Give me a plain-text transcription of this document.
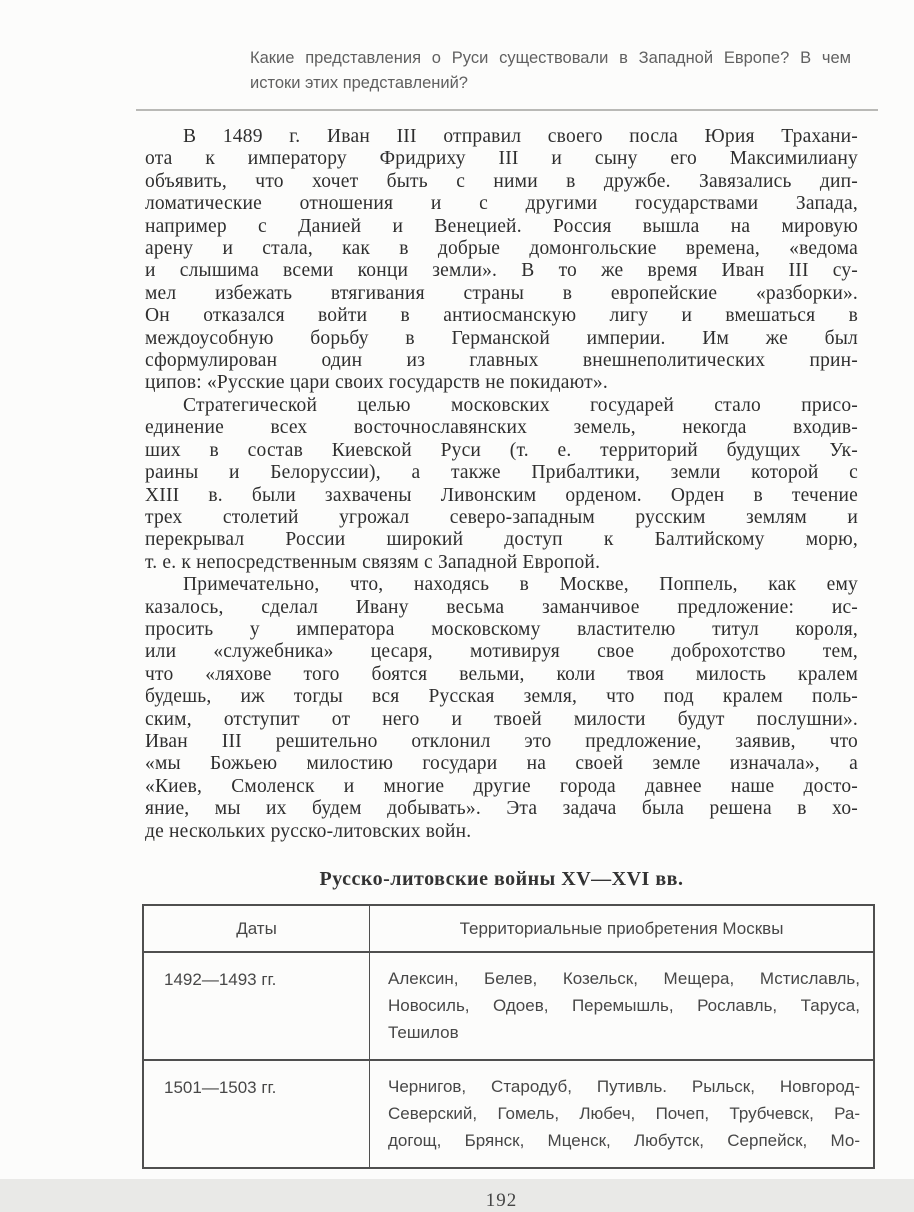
Какие представления о Руси существовали в Западной Европе? В чем
истоки этих представлений?
В 1489 г. Иван III отправил своего посла Юрия Трахани-
ота к императору Фридриху III и сыну его Максимилиану
объявить, что хочет быть с ними в дружбе. Завязались дип-
ломатические отношения и с другими государствами Запада,
например с Данией и Венецией. Россия вышла на мировую
арену и стала, как в добрые домонгольские времена, «ведома
и слышима всеми конци земли». В то же время Иван III су-
мел избежать втягивания страны в европейские «разборки».
Он отказался войти в антиосманскую лигу и вмешаться в
междоусобную борьбу в Германской империи. Им же был
сформулирован один из главных внешнеполитических прин-
ципов: «Русские цари своих государств не покидают».
Стратегической целью московских государей стало присо-
единение всех восточнославянских земель, некогда входив-
ших в состав Киевской Руси (т. е. территорий будущих Ук-
раины и Белоруссии), а также Прибалтики, земли которой с
XIII в. были захвачены Ливонским орденом. Орден в течение
трех столетий угрожал северо-западным русским землям и
перекрывал России широкий доступ к Балтийскому морю,
т. е. к непосредственным связям с Западной Европой.
Примечательно, что, находясь в Москве, Поппель, как ему
казалось, сделал Ивану весьма заманчивое предложение: ис-
просить у императора московскому властителю титул короля,
или «служебника» цесаря, мотивируя свое доброхотство тем,
что «ляхове того боятся вельми, коли твоя милость кралем
будешь, иж тогды вся Русская земля, что под кралем поль-
ским, отступит от него и твоей милости будут послушни».
Иван III решительно отклонил это предложение, заявив, что
«мы Божьею милостию государи на своей земле изначала», а
«Киев, Смоленск и многие другие города давнее наше досто-
яние, мы их будем добывать». Эта задача была решена в хо-
де нескольких русско-литовских войн.
Русско-литовские войны XV—XVI вв.
Даты	Территориальные приобретения Москвы
1492—1493 гг.	Алексин, Белев, Козельск, Мещера, Мстиславль,
Новосиль, Одоев, Перемышль, Рославль, Таруса,
Тешилов

1501—1503 гг.	Чернигов, Стародуб, Путивль. Рыльск, Новгород-
Северский, Гомель, Любеч, Почеп, Трубчевск, Ра-
догощ, Брянск, Мценск, Любутск, Серпейск, Мо-
192
